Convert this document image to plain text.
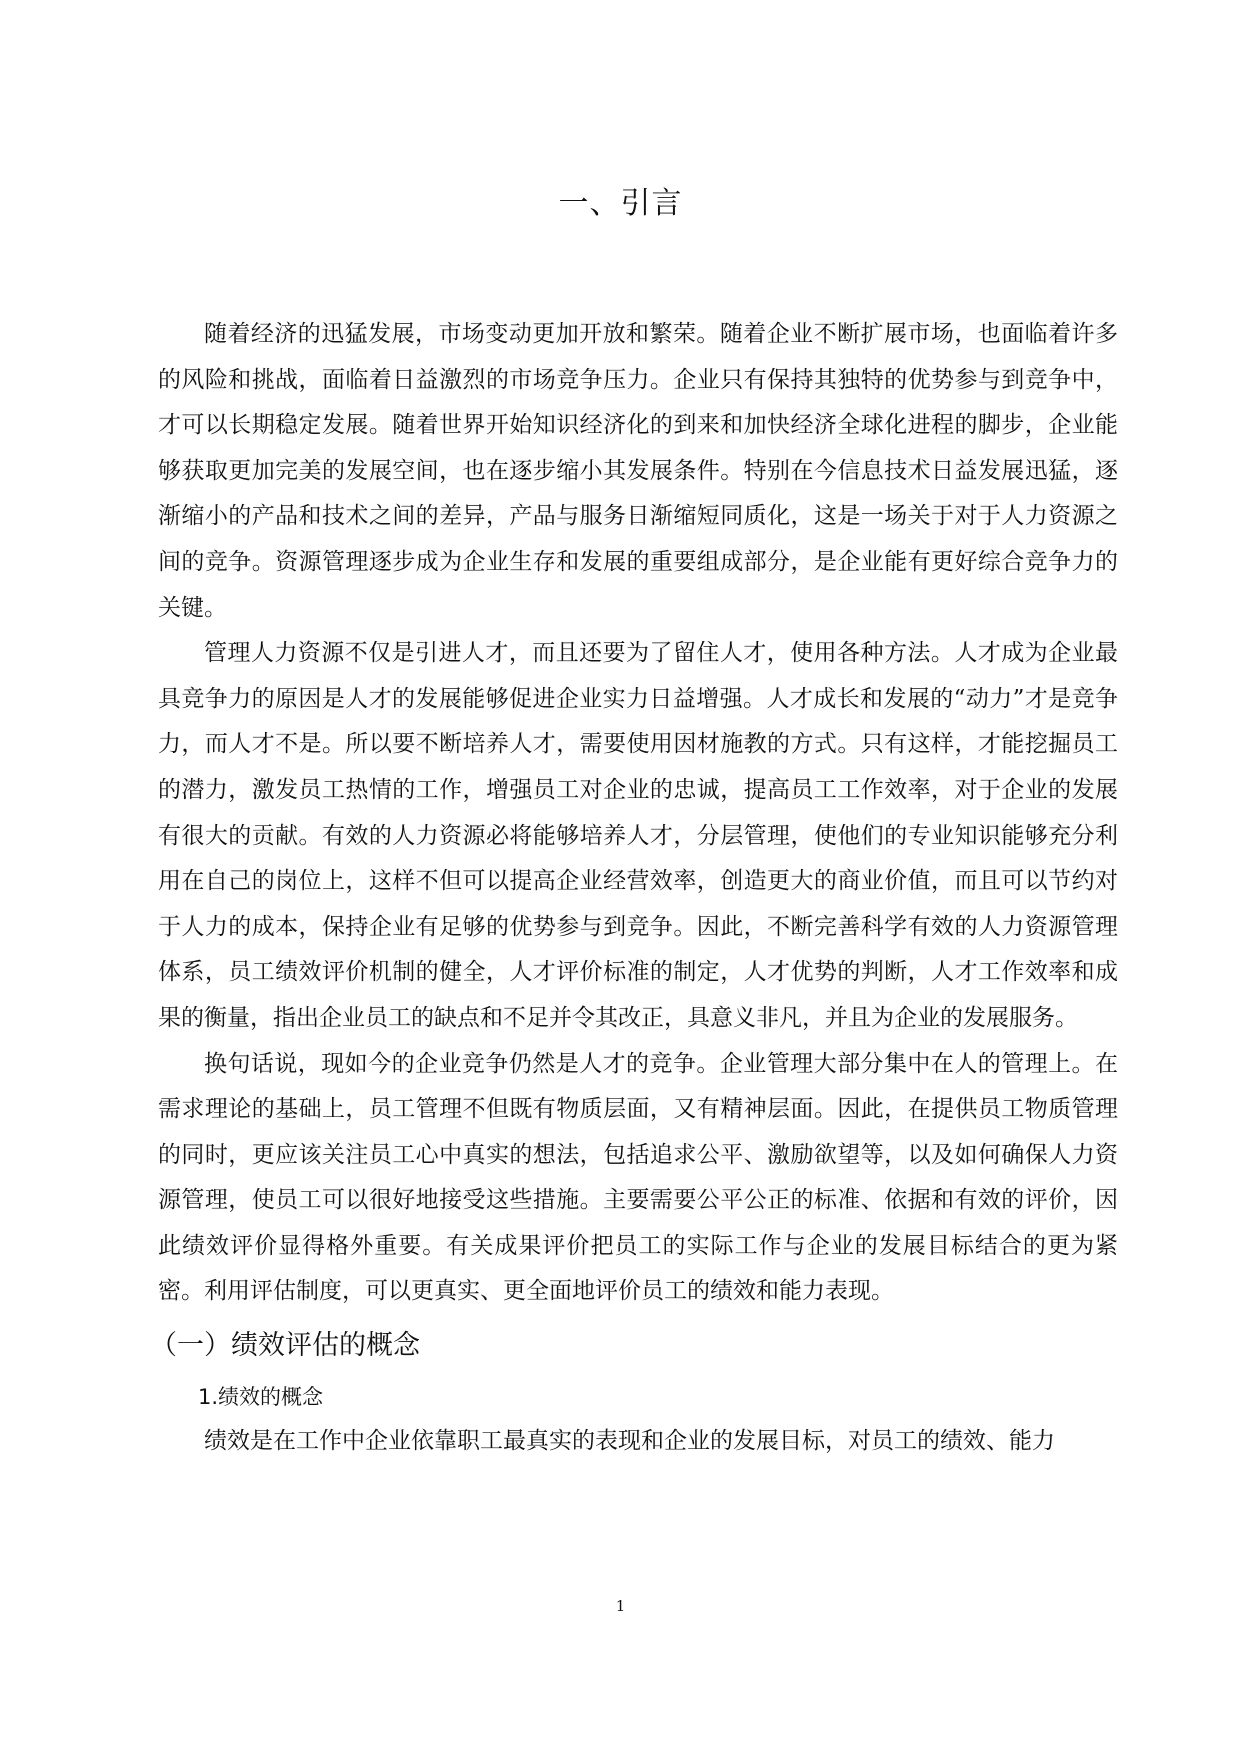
一、引言

随着经济的迅猛发展，市场变动更加开放和繁荣。随着企业不断扩展市场，也面临着许多的风险和挑战，面临着日益激烈的市场竞争压力。企业只有保持其独特的优势参与到竞争中，才可以长期稳定发展。随着世界开始知识经济化的到来和加快经济全球化进程的脚步，企业能够获取更加完美的发展空间，也在逐步缩小其发展条件。特别在今信息技术日益发展迅猛，逐渐缩小的产品和技术之间的差异，产品与服务日渐缩短同质化，这是一场关于对于人力资源之间的竞争。资源管理逐步成为企业生存和发展的重要组成部分，是企业能有更好综合竞争力的关键。

管理人力资源不仅是引进人才，而且还要为了留住人才，使用各种方法。人才成为企业最具竞争力的原因是人才的发展能够促进企业实力日益增强。人才成长和发展的“动力”才是竞争力，而人才不是。所以要不断培养人才，需要使用因材施教的方式。只有这样，才能挖掘员工的潜力，激发员工热情的工作，增强员工对企业的忠诚，提高员工工作效率，对于企业的发展有很大的贡献。有效的人力资源必将能够培养人才，分层管理，使他们的专业知识能够充分利用在自己的岗位上，这样不但可以提高企业经营效率，创造更大的商业价值，而且可以节约对于人力的成本，保持企业有足够的优势参与到竞争。因此，不断完善科学有效的人力资源管理体系，员工绩效评价机制的健全，人才评价标准的制定，人才优势的判断，人才工作效率和成果的衡量，指出企业员工的缺点和不足并令其改正，具意义非凡，并且为企业的发展服务。

换句话说，现如今的企业竞争仍然是人才的竞争。企业管理大部分集中在人的管理上。在需求理论的基础上，员工管理不但既有物质层面，又有精神层面。因此，在提供员工物质管理的同时，更应该关注员工心中真实的想法，包括追求公平、激励欲望等，以及如何确保人力资源管理，使员工可以很好地接受这些措施。主要需要公平公正的标准、依据和有效的评价，因此绩效评价显得格外重要。有关成果评价把员工的实际工作与企业的发展目标结合的更为紧密。利用评估制度，可以更真实、更全面地评价员工的绩效和能力表现。

（一）绩效评估的概念
1.绩效的概念

绩效是在工作中企业依靠职工最真实的表现和企业的发展目标，对员工的绩效、能力

1
